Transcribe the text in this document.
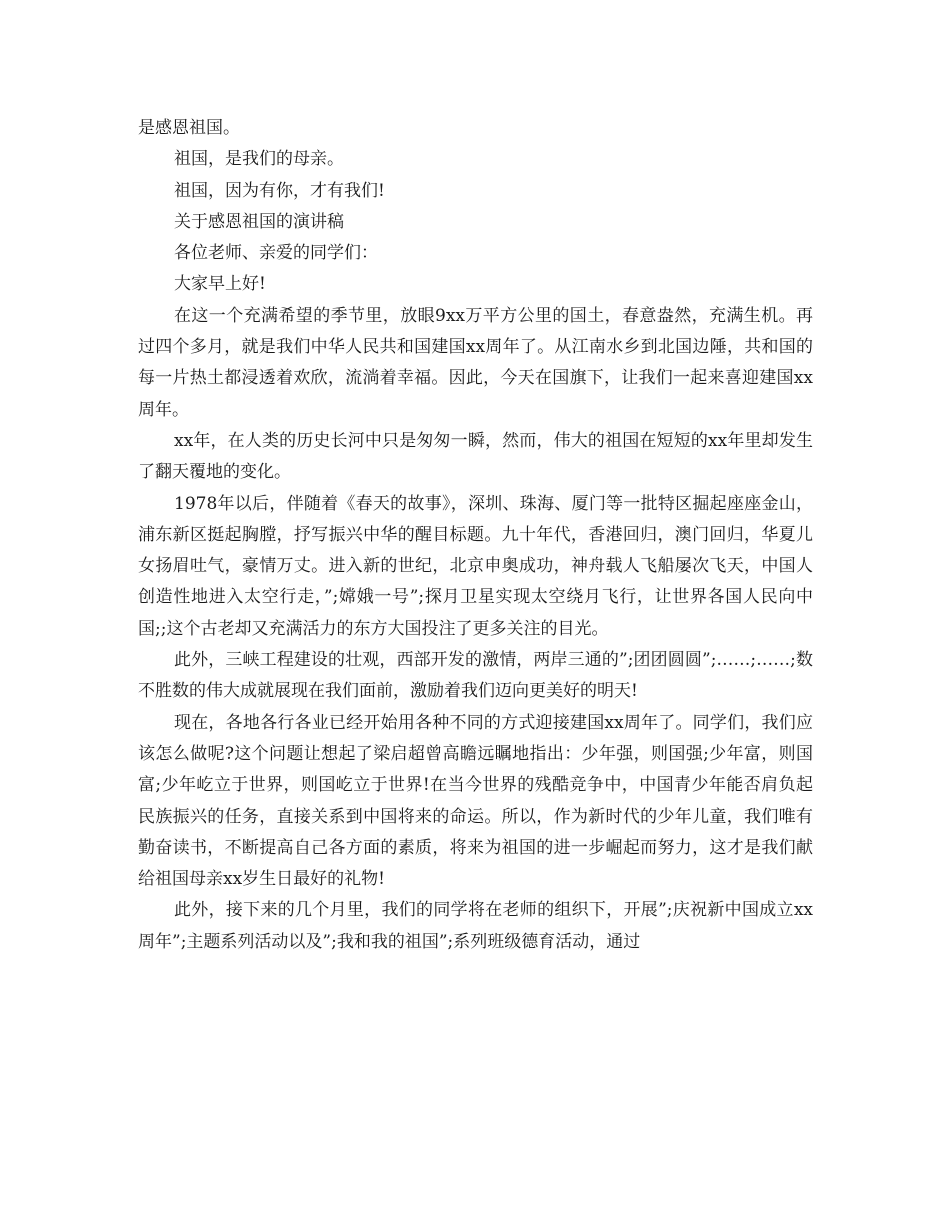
是感恩祖国。

祖国，是我们的母亲。

祖国，因为有你，才有我们!

关于感恩祖国的演讲稿

各位老师、亲爱的同学们：

大家早上好!

在这一个充满希望的季节里，放眼9xx万平方公里的国土，春意盎然，充满生机。再过四个多月，就是我们中华人民共和国建国xx周年了。从江南水乡到北国边陲，共和国的每一片热土都浸透着欢欣，流淌着幸福。因此，今天在国旗下，让我们一起来喜迎建国xx周年。

xx年，在人类的历史长河中只是匆匆一瞬，然而，伟大的祖国在短短的xx年里却发生了翻天覆地的变化。

1978年以后，伴随着《春天的故事》，深圳、珠海、厦门等一批特区掘起座座金山，浦东新区挺起胸膛，抒写振兴中华的醒目标题。九十年代，香港回归，澳门回归，华夏儿女扬眉吐气，豪情万丈。进入新的世纪，北京申奥成功，神舟载人飞船屡次飞天，中国人创造性地进入太空行走，”;嫦娥一号”;探月卫星实现太空绕月飞行，让世界各国人民向中国;;这个古老却又充满活力的东方大国投注了更多关注的目光。

此外，三峡工程建设的壮观，西部开发的激情，两岸三通的”;团团圆圆”;……;……;数不胜数的伟大成就展现在我们面前，激励着我们迈向更美好的明天!

现在，各地各行各业已经开始用各种不同的方式迎接建国xx周年了。同学们，我们应该怎么做呢?这个问题让想起了梁启超曾高瞻远瞩地指出：少年强，则国强;少年富，则国富;少年屹立于世界，则国屹立于世界!在当今世界的残酷竞争中，中国青少年能否肩负起民族振兴的任务，直接关系到中国将来的命运。所以，作为新时代的少年儿童，我们唯有勤奋读书，不断提高自己各方面的素质，将来为祖国的进一步崛起而努力，这才是我们献给祖国母亲xx岁生日最好的礼物!

此外，接下来的几个月里，我们的同学将在老师的组织下，开展”;庆祝新中国成立xx周年”;主题系列活动以及”;我和我的祖国”;系列班级德育活动，通过
